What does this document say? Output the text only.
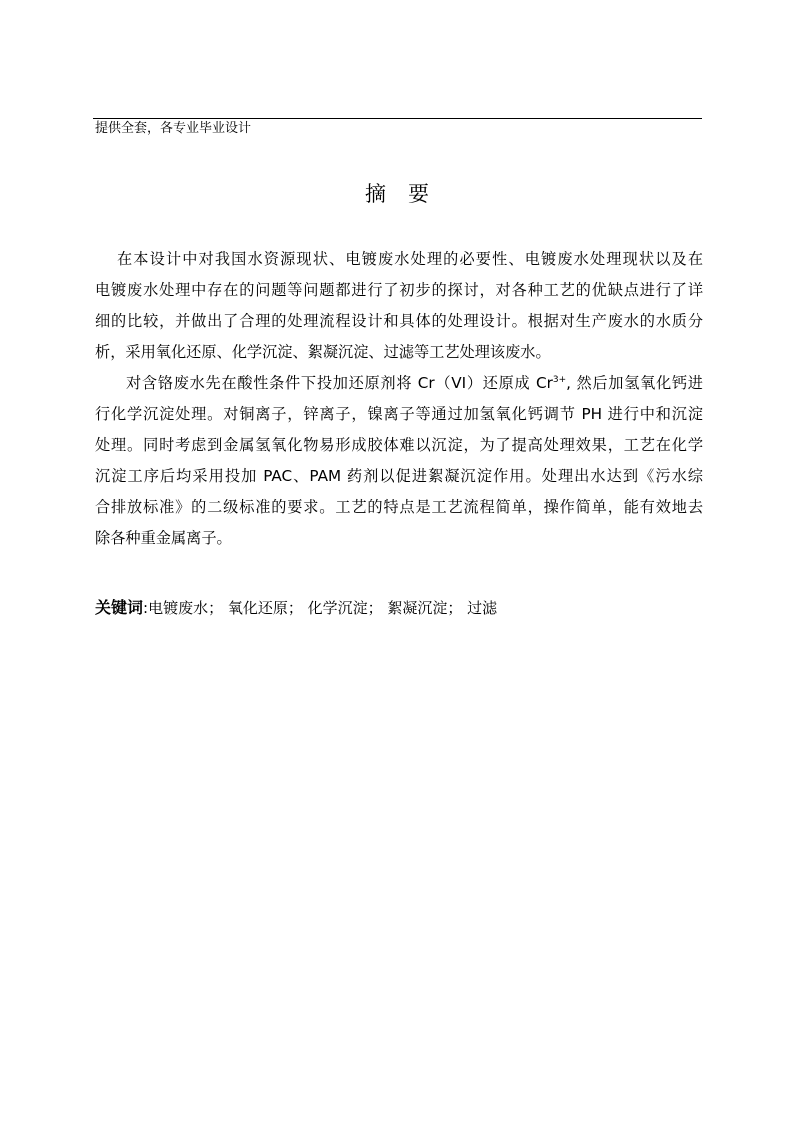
提供全套，各专业毕业设计
摘要
在本设计中对我国水资源现状、电镀废水处理的必要性、电镀废水处理现状以及在
电镀废水处理中存在的问题等问题都进行了初步的探讨，对各种工艺的优缺点进行了详
细的比较，并做出了合理的处理流程设计和具体的处理设计。根据对生产废水的水质分
析，采用氧化还原、化学沉淀、絮凝沉淀、过滤等工艺处理该废水。
对含铬废水先在酸性条件下投加还原剂将 Cr（VI）还原成 $Cr^{3+}$, 然后加氢氧化钙进
行化学沉淀处理。对铜离子，锌离子，镍离子等通过加氢氧化钙调节 PH 进行中和沉淀
处理。同时考虑到金属氢氧化物易形成胶体难以沉淀，为了提高处理效果，工艺在化学
沉淀工序后均采用投加 PAC、PAM 药剂以促进絮凝沉淀作用。处理出水达到《污水综
合排放标准》的二级标准的要求。工艺的特点是工艺流程简单，操作简单，能有效地去
除各种重金属离子。
关键词:电镀废水； 氧化还原； 化学沉淀； 絮凝沉淀； 过滤
